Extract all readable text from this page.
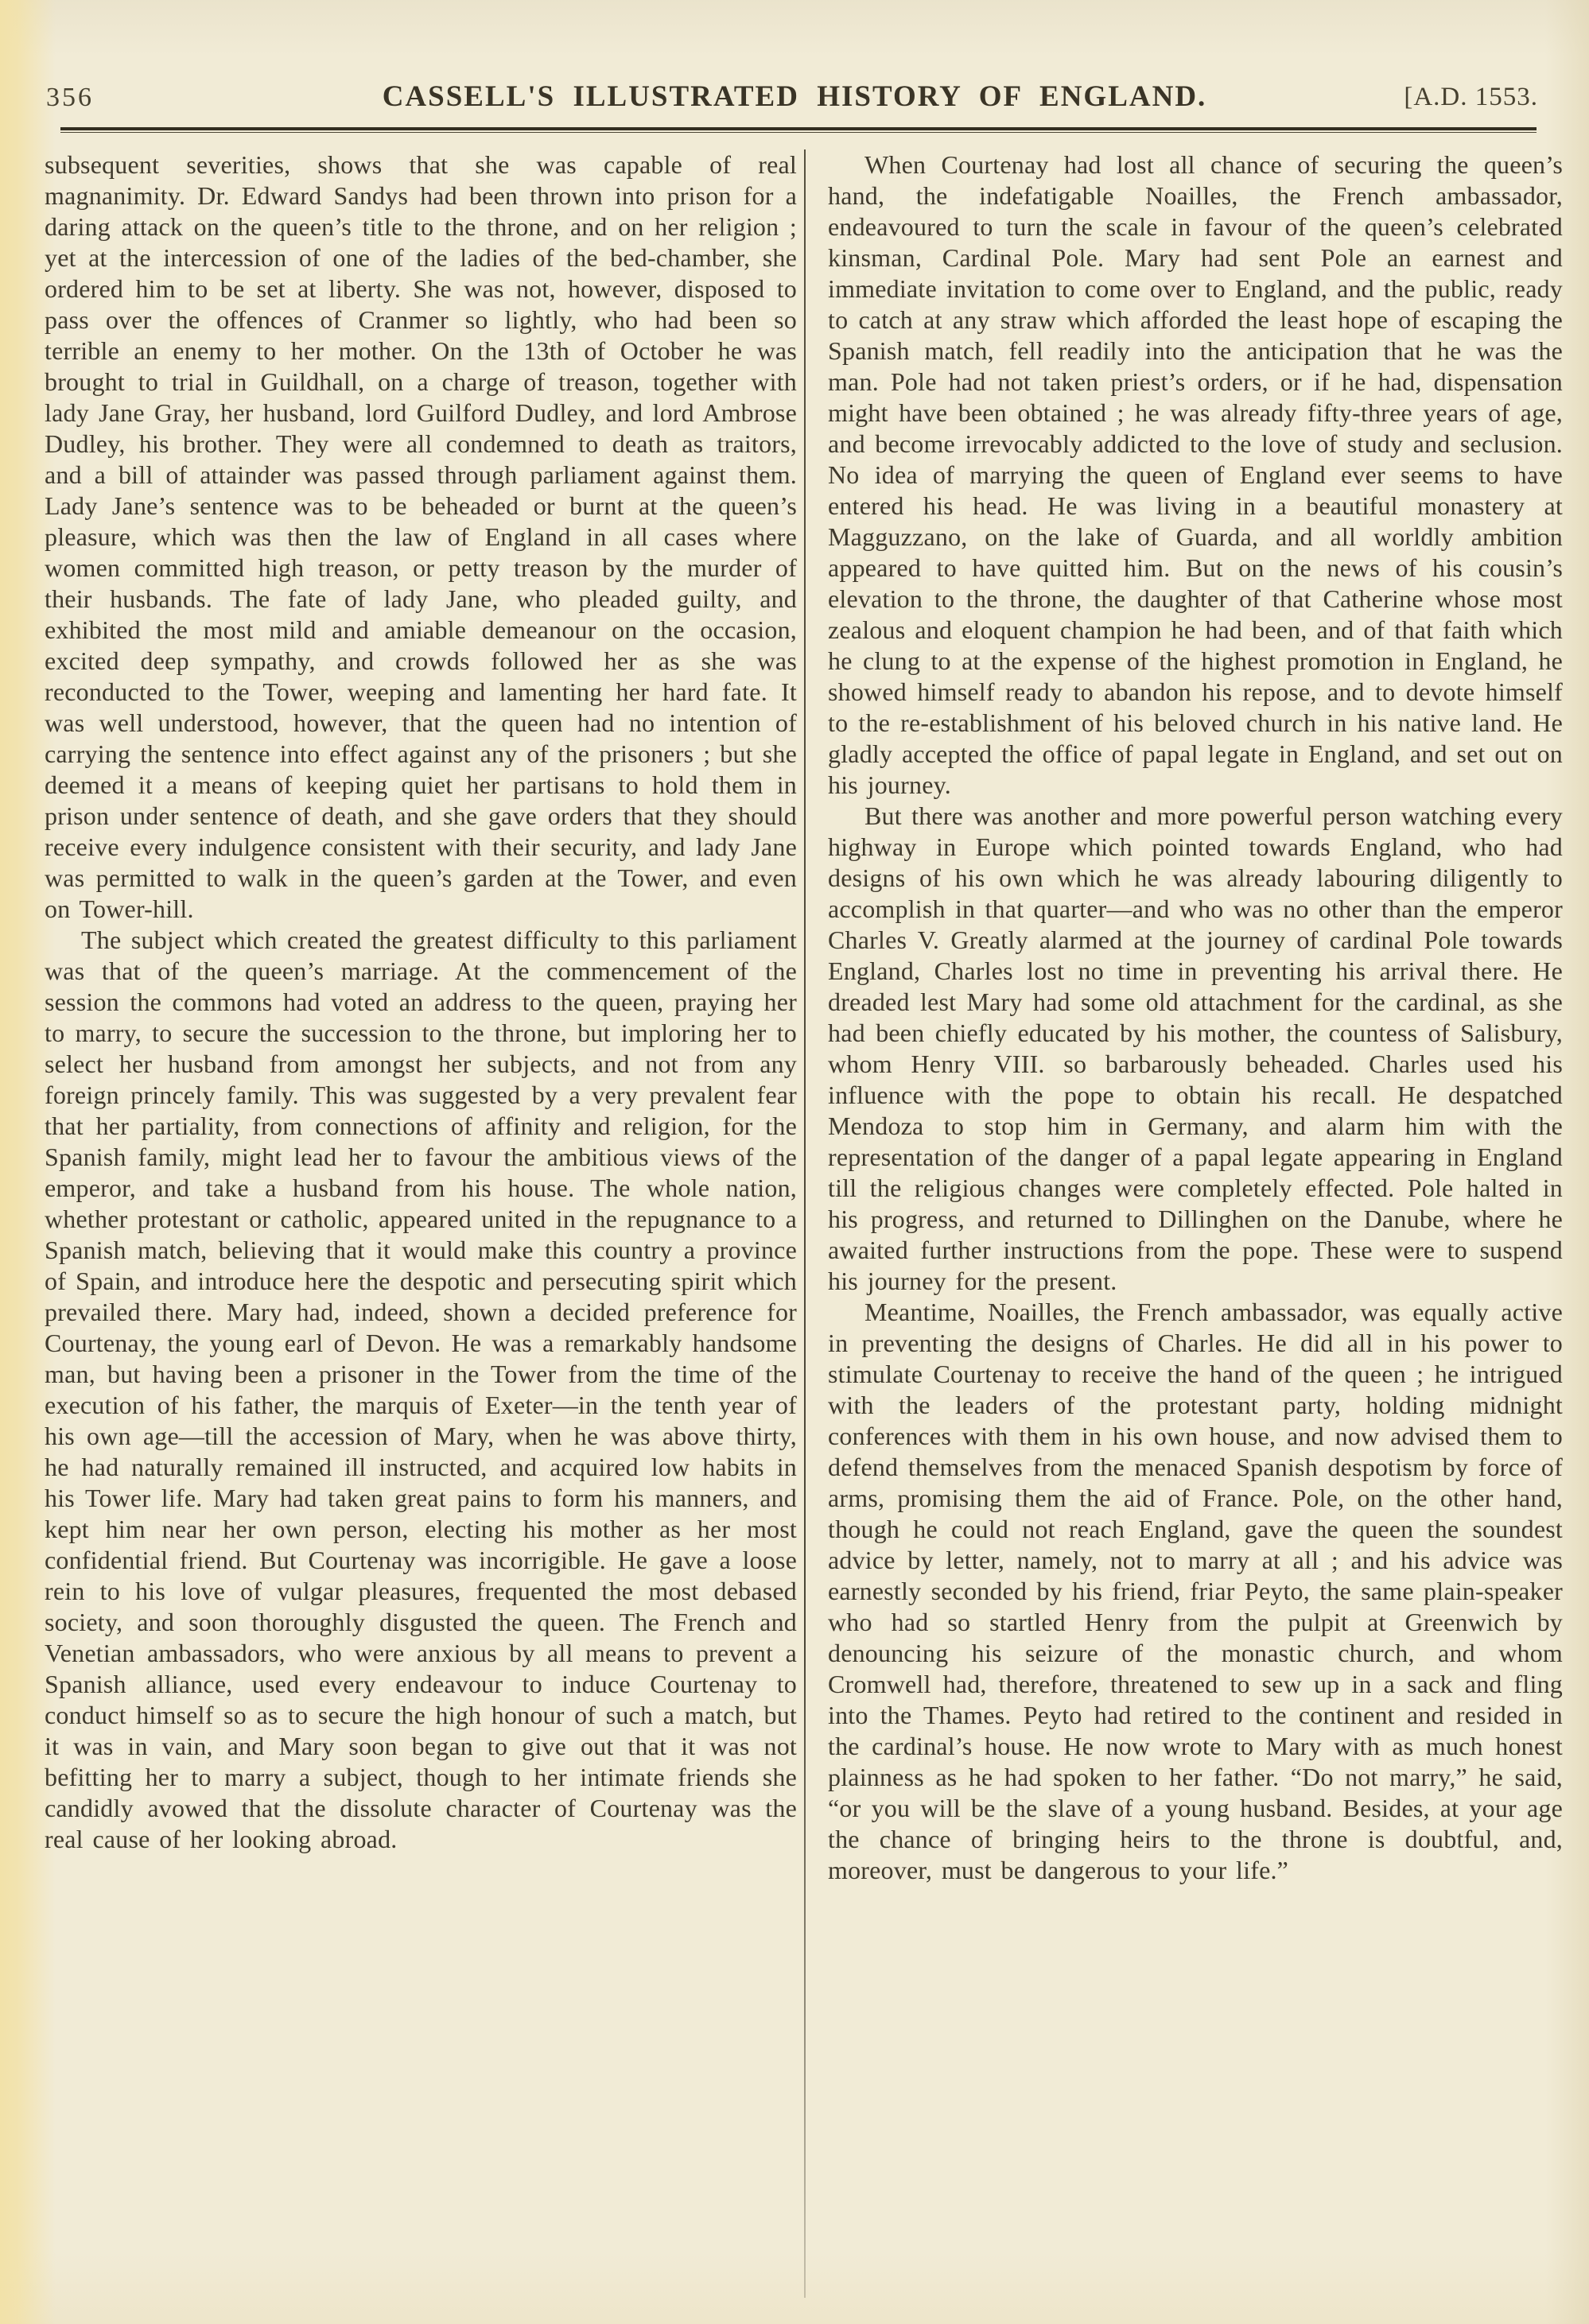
356	CASSELL'S ILLUSTRATED HISTORY OF ENGLAND.	[A.D. 1553.

subsequent severities, shows that she was capable of real magnanimity. Dr. Edward Sandys had been thrown into prison for a daring attack on the queen’s title to the throne, and on her religion ; yet at the intercession of one of the ladies of the bed-chamber, she ordered him to be set at liberty. She was not, however, disposed to pass over the offences of Cranmer so lightly, who had been so terrible an enemy to her mother. On the 13th of October he was brought to trial in Guildhall, on a charge of treason, together with lady Jane Gray, her husband, lord Guilford Dudley, and lord Ambrose Dudley, his brother. They were all condemned to death as traitors, and a bill of attainder was passed through parliament against them. Lady Jane’s sentence was to be beheaded or burnt at the queen’s pleasure, which was then the law of England in all cases where women committed high treason, or petty treason by the murder of their husbands. The fate of lady Jane, who pleaded guilty, and exhibited the most mild and amiable demeanour on the occasion, excited deep sympathy, and crowds followed her as she was reconducted to the Tower, weeping and lamenting her hard fate. It was well understood, however, that the queen had no intention of carrying the sentence into effect against any of the prisoners ; but she deemed it a means of keeping quiet her partisans to hold them in prison under sentence of death, and she gave orders that they should receive every indulgence consistent with their security, and lady Jane was permitted to walk in the queen’s garden at the Tower, and even on Tower-hill.

The subject which created the greatest difficulty to this parliament was that of the queen’s marriage. At the commencement of the session the commons had voted an address to the queen, praying her to marry, to secure the succession to the throne, but imploring her to select her husband from amongst her subjects, and not from any foreign princely family. This was suggested by a very prevalent fear that her partiality, from connections of affinity and religion, for the Spanish family, might lead her to favour the ambitious views of the emperor, and take a husband from his house. The whole nation, whether protestant or catholic, appeared united in the repugnance to a Spanish match, believing that it would make this country a province of Spain, and introduce here the despotic and persecuting spirit which prevailed there. Mary had, indeed, shown a decided preference for Courtenay, the young earl of Devon. He was a remarkably handsome man, but having been a prisoner in the Tower from the time of the execution of his father, the marquis of Exeter—in the tenth year of his own age—till the accession of Mary, when he was above thirty, he had naturally remained ill instructed, and acquired low habits in his Tower life. Mary had taken great pains to form his manners, and kept him near her own person, electing his mother as her most confidential friend. But Courtenay was incorrigible. He gave a loose rein to his love of vulgar pleasures, frequented the most debased society, and soon thoroughly disgusted the queen. The French and Venetian ambassadors, who were anxious by all means to prevent a Spanish alliance, used every endeavour to induce Courtenay to conduct himself so as to secure the high honour of such a match, but it was in vain, and Mary soon began to give out that it was not befitting her to marry a subject, though to her intimate friends she candidly avowed that the dissolute character of Courtenay was the real cause of her looking abroad.

When Courtenay had lost all chance of securing the queen’s hand, the indefatigable Noailles, the French ambassador, endeavoured to turn the scale in favour of the queen’s celebrated kinsman, Cardinal Pole. Mary had sent Pole an earnest and immediate invitation to come over to England, and the public, ready to catch at any straw which afforded the least hope of escaping the Spanish match, fell readily into the anticipation that he was the man. Pole had not taken priest’s orders, or if he had, dispensation might have been obtained ; he was already fifty-three years of age, and become irrevocably addicted to the love of study and seclusion. No idea of marrying the queen of England ever seems to have entered his head. He was living in a beautiful monastery at Magguzzano, on the lake of Guarda, and all worldly ambition appeared to have quitted him. But on the news of his cousin’s elevation to the throne, the daughter of that Catherine whose most zealous and eloquent champion he had been, and of that faith which he clung to at the expense of the highest promotion in England, he showed himself ready to abandon his repose, and to devote himself to the re-establishment of his beloved church in his native land. He gladly accepted the office of papal legate in England, and set out on his journey.

But there was another and more powerful person watching every highway in Europe which pointed towards England, who had designs of his own which he was already labouring diligently to accomplish in that quarter—and who was no other than the emperor Charles V. Greatly alarmed at the journey of cardinal Pole towards England, Charles lost no time in preventing his arrival there. He dreaded lest Mary had some old attachment for the cardinal, as she had been chiefly educated by his mother, the countess of Salisbury, whom Henry VIII. so barbarously beheaded. Charles used his influence with the pope to obtain his recall. He despatched Mendoza to stop him in Germany, and alarm him with the representation of the danger of a papal legate appearing in England till the religious changes were completely effected. Pole halted in his progress, and returned to Dillinghen on the Danube, where he awaited further instructions from the pope. These were to suspend his journey for the present.

Meantime, Noailles, the French ambassador, was equally active in preventing the designs of Charles. He did all in his power to stimulate Courtenay to receive the hand of the queen ; he intrigued with the leaders of the protestant party, holding midnight conferences with them in his own house, and now advised them to defend themselves from the menaced Spanish despotism by force of arms, promising them the aid of France. Pole, on the other hand, though he could not reach England, gave the queen the soundest advice by letter, namely, not to marry at all ; and his advice was earnestly seconded by his friend, friar Peyto, the same plain-speaker who had so startled Henry from the pulpit at Greenwich by denouncing his seizure of the monastic church, and whom Cromwell had, therefore, threatened to sew up in a sack and fling into the Thames. Peyto had retired to the continent and resided in the cardinal’s house. He now wrote to Mary with as much honest plainness as he had spoken to her father. “Do not marry,” he said, “or you will be the slave of a young husband. Besides, at your age the chance of bringing heirs to the throne is doubtful, and, moreover, must be dangerous to your life.”
